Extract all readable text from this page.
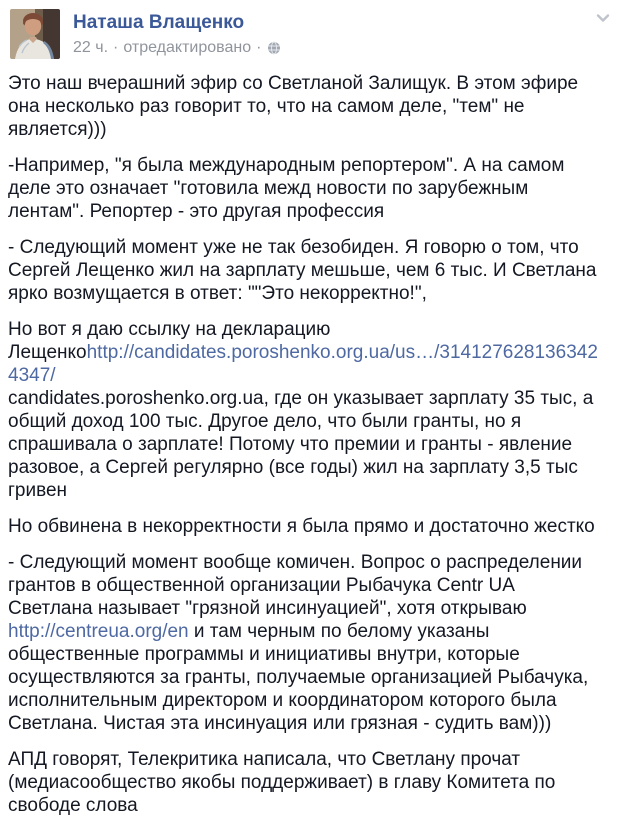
Наташа Влащенко
22 ч. · отредактировано ·

Это наш вчерашний эфир со Светланой Залищук. В этом эфире она несколько раз говорит то, что на самом деле, "тем" не является)))

-Например, "я была международным репортером". А на самом деле это означает "готовила межд новости по зарубежным лентам". Репортер - это другая профессия

- Следующий момент уже не так безобиден. Я говорю о том, что Сергей Лещенко жил на зарплату мешьше, чем 6 тыс. И Светлана ярко возмущается в ответ: ""Это некорректно!",

Но вот я даю ссылку на декларацию Лещенкоhttp://candidates.poroshenko.org.ua/us…/3141276281363424347/
candidates.poroshenko.org.ua, где он указывает зарплату 35 тыс, а общий доход 100 тыс. Другое дело, что были гранты, но я спрашивала о зарплате! Потому что премии и гранты - явление разовое, а Сергей регулярно (все годы) жил на зарплату 3,5 тыс гривен

Но обвинена в некорректности я была прямо и достаточно жестко

- Следующий момент вообще комичен. Вопрос о распределении грантов в общественной организации Рыбачука Centr UA Светлана называет "грязной инсинуацией", хотя открываю http://centreua.org/en и там черным по белому указаны общественные программы и инициативы внутри, которые осуществляются за гранты, получаемые организацией Рыбачука, исполнительным директором и координатором которого была Светлана. Чистая эта инсинуация или грязная - судить вам)))

АПД говорят, Телекритика написала, что Светлану прочат (медиасообщество якобы поддерживает) в главу Комитета по свободе слова
